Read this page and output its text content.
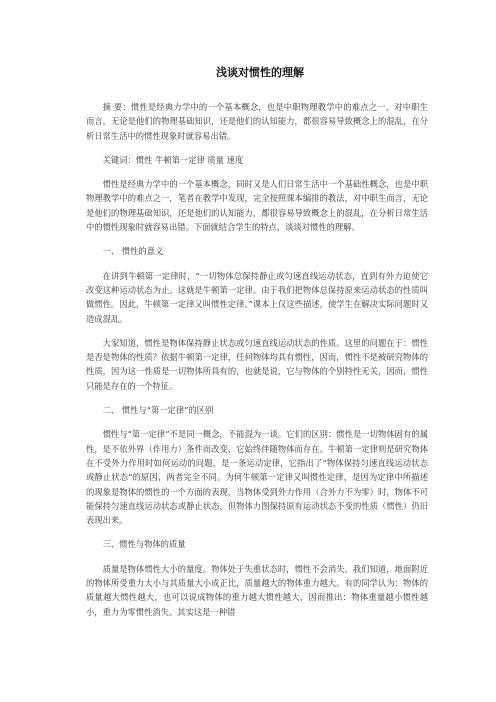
浅谈对惯性的理解

摘 要：惯性是经典力学中的一个基本概念，也是中职物理教学中的难点之一。对中职生而言，无论是他们的物理基础知识，还是他们的认知能力，都很容易导致概念上的混乱，在分析日常生活中的惯性现象时就容易出错。

关键词：惯性 牛顿第一定律 质量 速度

惯性是经典力学中的一个基本概念，同时又是人们日常生活中一个基础性概念，也是中职物理教学中的难点之一，笔者在教学中发现，完全按照课本编排的教法，对中职生而言，无论是他们的物理基础知识，还是他们的认知能力，都很容易导致概念上的混乱，在分析日常生活中的惯性现象时就容易出错。下面就结合学生的特点，谈谈对惯性的理解。

一、 惯性的意义

在讲到牛顿第一定律时，“一切物体总保持静止或匀速直线运动状态，直到有外力迫使它改变这种运动状态为止。这就是牛顿第一定律。由于我们把物体总保持原来运动状态的性质叫做惯性。因此，牛顿第一定律又叫惯性定律。”课本上仅这些描述，使学生在解决实际问题时又造成混乱。

大家知道，惯性是物体保持静止状态或匀速直线运动状态的性质。这里的问题在于：惯性是否是物体的性质？依据牛顿第一定律，任何物体均具有惯性，因而，惯性不是被研究物体的性质，因为这一性质是一切物体所具有的，也就是说，它与物体的个别特性无关，因而，惯性只能是存在的一个特征。

二、 惯性与“第一定律”的区别

惯性与“第一定律”不是同一概念，不能混为一谈。它们的区别：惯性是一切物体固有的属性，是不依外界（作用力）条件而改变，它始终伴随物体而存在。牛顿第一定律则是研究物体在不受外力作用时如何运动的问题，是一条运动定律，它指出了“物体保持匀速直线运动状态或静止状态”的原因，两者完全不同。为何牛顿第一定律又叫惯性定律，是因为定律中所描述的现象是物体的惯性的一个方面的表现，当物体受到外力作用（合外力不为零）时，物体不可能保持匀速直线运动状态或静止状态，但物体力图保持原有运动状态不变的性质（惯性）仍旧表现出来。

三、惯性与物体的质量

质量是物体惯性大小的量度。物体处于失重状态时，惯性不会消失。我们知道，地面附近的物体所受重力大小与其质量大小成正比，质量越大的物体重力越大。有的同学认为：物体的质量越大惯性越大，也可以说成物体的重力越大惯性越大，因而推出：物体重量越小惯性越小，重力为零惯性消失。其实这是一种错
